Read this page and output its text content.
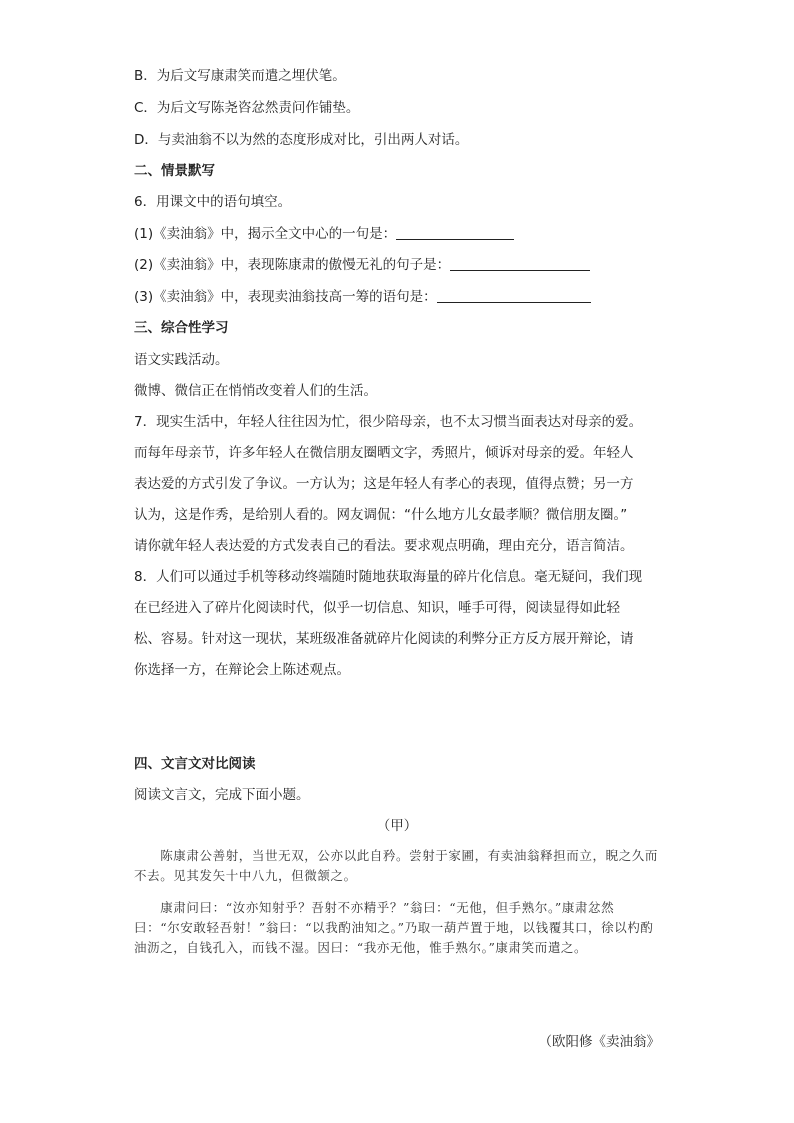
B．为后文写康肃笑而遣之埋伏笔。
C．为后文写陈尧咨忿然责问作铺垫。
D．与卖油翁不以为然的态度形成对比，引出两人对话。
二、情景默写
6．用课文中的语句填空。
(1)《卖油翁》中，揭示全文中心的一句是：
(2)《卖油翁》中，表现陈康肃的傲慢无礼的句子是：
(3)《卖油翁》中，表现卖油翁技高一筹的语句是：
三、综合性学习
语文实践活动。
微博、微信正在悄悄改变着人们的生活。
7．现实生活中，年轻人往往因为忙，很少陪母亲，也不太习惯当面表达对母亲的爱。
而每年母亲节，许多年轻人在微信朋友圈晒文字，秀照片，倾诉对母亲的爱。年轻人
表达爱的方式引发了争议。一方认为；这是年轻人有孝心的表现，值得点赞；另一方
认为，这是作秀，是给别人看的。网友调侃：“什么地方儿女最孝顺？微信朋友圈。”
请你就年轻人表达爱的方式发表自己的看法。要求观点明确，理由充分，语言简洁。
8．人们可以通过手机等移动终端随时随地获取海量的碎片化信息。毫无疑问，我们现
在已经进入了碎片化阅读时代，似乎一切信息、知识，唾手可得，阅读显得如此轻
松、容易。针对这一现状，某班级准备就碎片化阅读的利弊分正方反方展开辩论，请
你选择一方，在辩论会上陈述观点。
四、文言文对比阅读
阅读文言文，完成下面小题。
（甲）

　　陈康肃公善射，当世无双，公亦以此自矜。尝射于家圃，有卖油翁释担而立，睨之久而不去。见其发矢十中八九，但微颔之。

　　康肃问曰：“汝亦知射乎？吾射不亦精乎？”翁曰：“无他，但手熟尔。”康肃忿然曰：“尔安敢轻吾射！”翁曰：“以我酌油知之。”乃取一葫芦置于地，以钱覆其口，徐以杓酌油沥之，自钱孔入，而钱不湿。因曰：“我亦无他，惟手熟尔。”康肃笑而遣之。

（欧阳修《卖油翁》
